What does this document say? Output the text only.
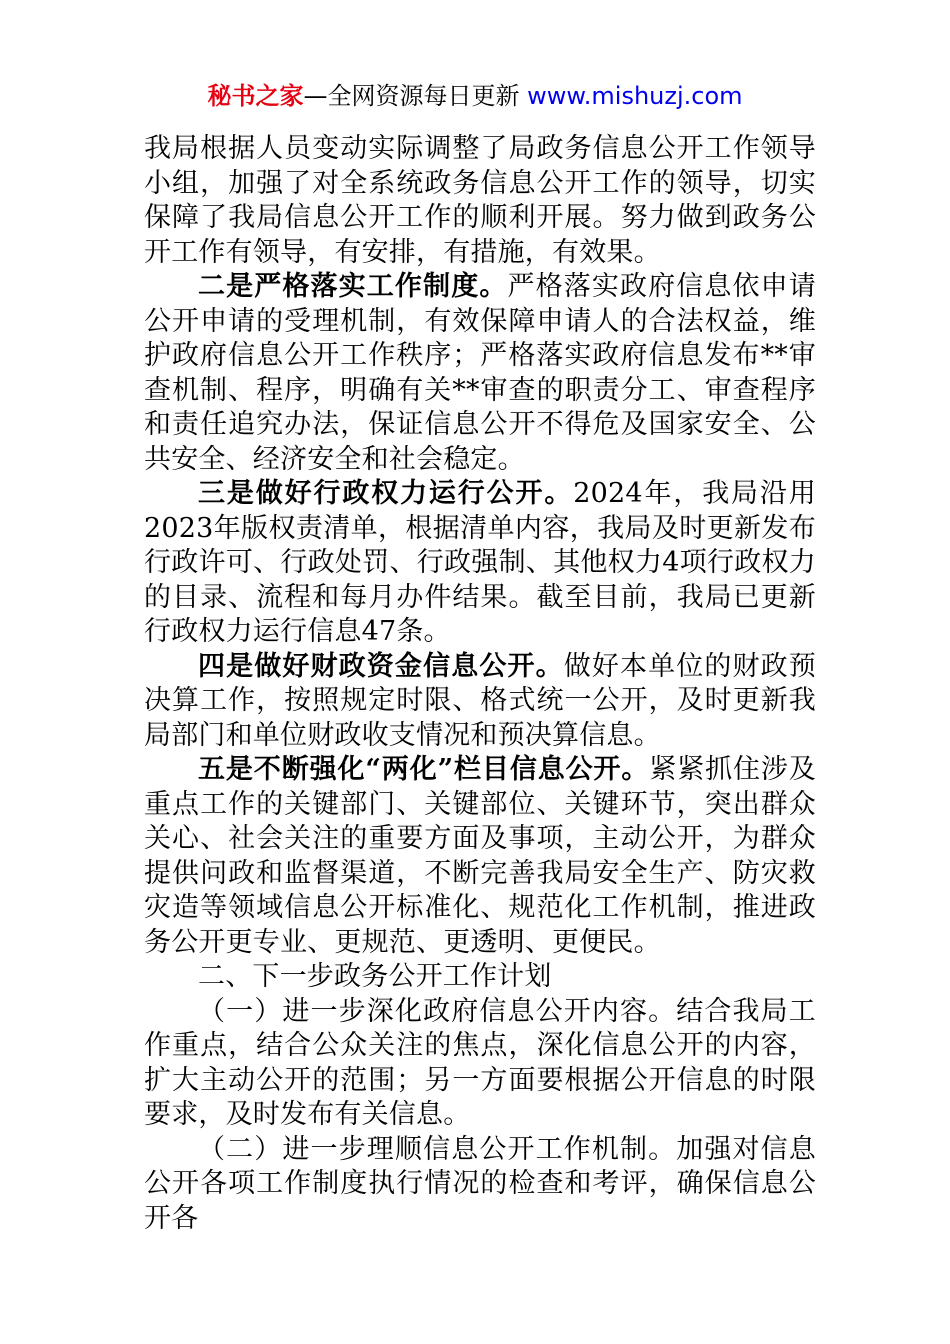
秘书之家—全网资源每日更新 www.mishuzj.com

我局根据人员变动实际调整了局政务信息公开工作领导小组，加强了对全系统政务信息公开工作的领导，切实保障了我局信息公开工作的顺利开展。努力做到政务公开工作有领导，有安排，有措施，有效果。

二是严格落实工作制度。严格落实政府信息依申请公开申请的受理机制，有效保障申请人的合法权益，维护政府信息公开工作秩序；严格落实政府信息发布**审查机制、程序，明确有关**审查的职责分工、审查程序和责任追究办法，保证信息公开不得危及国家安全、公共安全、经济安全和社会稳定。

三是做好行政权力运行公开。2024年，我局沿用2023年版权责清单，根据清单内容，我局及时更新发布行政许可、行政处罚、行政强制、其他权力4项行政权力的目录、流程和每月办件结果。截至目前，我局已更新行政权力运行信息47条。

四是做好财政资金信息公开。做好本单位的财政预决算工作，按照规定时限、格式统一公开，及时更新我局部门和单位财政收支情况和预决算信息。

五是不断强化“两化”栏目信息公开。紧紧抓住涉及重点工作的关键部门、关键部位、关键环节，突出群众关心、社会关注的重要方面及事项，主动公开，为群众提供问政和监督渠道，不断完善我局安全生产、防灾救灾造等领域信息公开标准化、规范化工作机制，推进政务公开更专业、更规范、更透明、更便民。

二、下一步政务公开工作计划

（一）进一步深化政府信息公开内容。结合我局工作重点，结合公众关注的焦点，深化信息公开的内容，扩大主动公开的范围；另一方面要根据公开信息的时限要求，及时发布有关信息。

（二）进一步理顺信息公开工作机制。加强对信息公开各项工作制度执行情况的检查和考评，确保信息公开各
